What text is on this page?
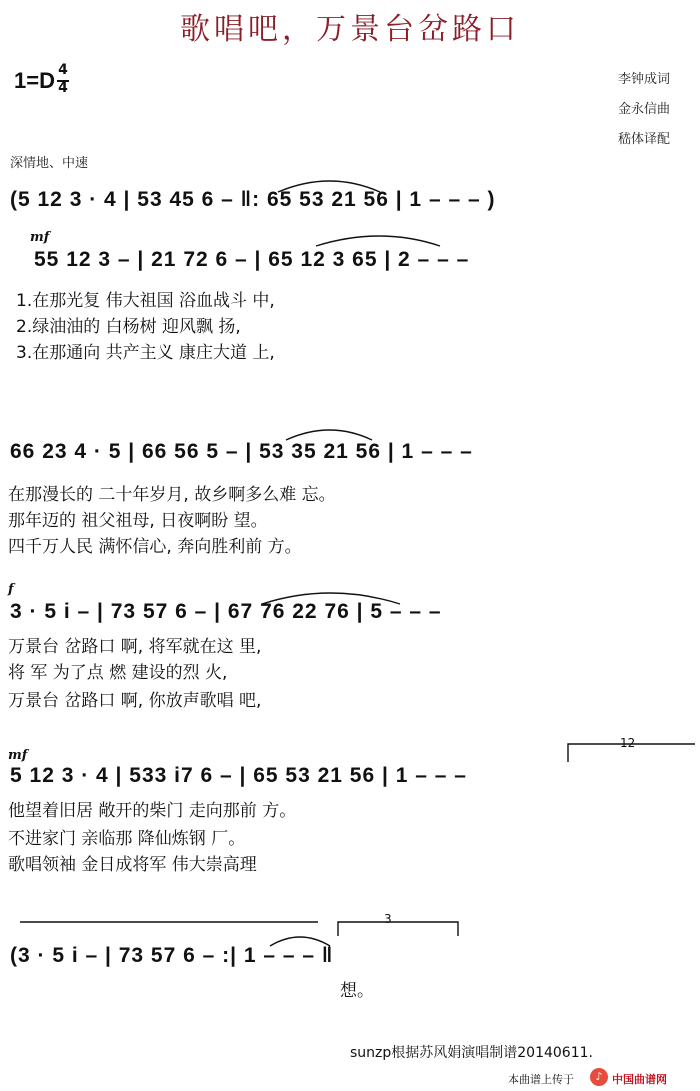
歌唱吧，万景台岔路口
1=D 4
4
李钟成词
金永信曲
嵇体译配
深情地、中速
(5 12 3 · 4 | 53 45 6 – ‖: 65 53 21 56 | 1 – – – )
mf
55 12 3 – | 21 72 6 – | 65 12 3 65 | 2 – – –
1.在那光复 伟大祖国 浴血战斗 中,
2.绿油油的 白杨树 迎风飘 扬,
3.在那通向 共产主义 康庄大道 上,
66 23 4 · 5 | 66 56 5 – | 53 35 21 56 | 1 – – –
在那漫长的 二十年岁月, 故乡啊多么难 忘。
那年迈的 祖父祖母, 日夜啊盼 望。
四千万人民 满怀信心, 奔向胜利前 方。
f
3 · 5 i – | 73 57 6 – | 67 76 22 76 | 5 – – –
万景台 岔路口 啊, 将军就在这 里,
将 军 为了点 燃 建设的烈 火,
万景台 岔路口 啊, 你放声歌唱 吧,
mf
12
5 12 3 · 4 | 533 i7 6 – | 65 53 21 56 | 1 – – –
他望着旧居 敞开的柴门 走向那前 方。
不进家门 亲临那 降仙炼钢 厂。
歌唱领袖 金日成将军 伟大崇高理
3
(3 · 5 i – | 73 57 6 – :| 1 – – – ‖
想。
sunzp根据苏风娟演唱制谱20140611.
本曲谱上传于	♪ 中国曲谱网
